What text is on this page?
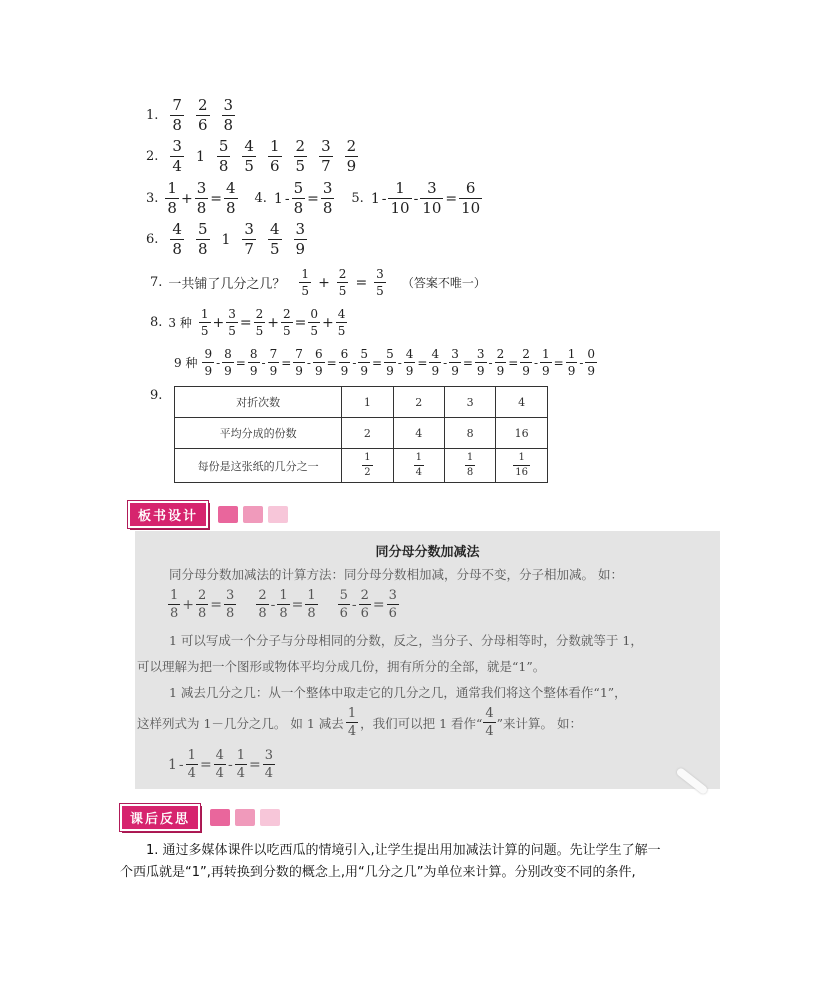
1. $\frac{7}{8} \frac{2}{6} \frac{3}{8}$
2. $\frac{3}{4} 1 \frac{5}{8} \frac{4}{5} \frac{1}{6} \frac{2}{5} \frac{3}{7} \frac{2}{9}$
3. $\frac{1}{8} + \frac{3}{8} = \frac{4}{8} 4$. $1 - \frac{5}{8} = \frac{3}{8} 5$. $1 - \frac{1}{10} - \frac{3}{10} = \frac{6}{10}$
6. $\frac{4}{8} \frac{5}{8} 1 \frac{3}{7} \frac{4}{5} \frac{3}{9}$
7. 一共铺了几分之几？ $\frac{1}{5} + \frac{2}{5} = \frac{3}{5}$ （答案不唯一）
8. 3 种 $\frac{1}{5} + \frac{3}{5} = \frac{2}{5} + \frac{2}{5} = \frac{0}{5} + \frac{4}{5}$
9 种 $\frac{9}{9} - \frac{8}{9} = \frac{8}{9} - \frac{7}{9} = \frac{7}{9} - \frac{6}{9} = \frac{6}{9} - \frac{5}{9} = \frac{5}{9} - \frac{4}{9} = \frac{4}{9} - \frac{3}{9} = \frac{3}{9} - \frac{2}{9} = \frac{2}{9} - \frac{1}{9} = \frac{1}{9} - \frac{0}{9}$
9.	对折次数	1	2	3	4
平均分成的份数	2	4	8	16
每份是这张纸的几分之一	$\frac{1}{2}$	$\frac{1}{4}$	$\frac{1}{8}$	$\frac{1}{16}$
板书设计
同分母分数加减法
同分母分数加减法的计算方法：同分母分数相加减，分母不变，分子相加减。 如：
$\frac{1}{8} + \frac{2}{8} = \frac{3}{8} \frac{2}{8} - \frac{1}{8} = \frac{1}{8} \frac{5}{6} - \frac{2}{6} = \frac{3}{6}$
1 可以写成一个分子与分母相同的分数，反之，当分子、分母相等时，分数就等于 1，
可以理解为把一个图形或物体平均分成几份，拥有所分的全部，就是“1”。
1 减去几分之几：从一个整体中取走它的几分之几，通常我们将这个整体看作“1”，
这样列式为 1－几分之几。 如 1 减去 $\frac{1}{4}$ ，我们可以把 1 看作“ $\frac{4}{4}$ ”来计算。 如：
$1 - \frac{1}{4} = \frac{4}{4} - \frac{1}{4} = \frac{3}{4}$
课后反思
1. 通过多媒体课件以吃西瓜的情境引入,让学生提出用加减法计算的问题。先让学生了解一
个西瓜就是“1”,再转换到分数的概念上,用“几分之几”为单位来计算。分别改变不同的条件,
